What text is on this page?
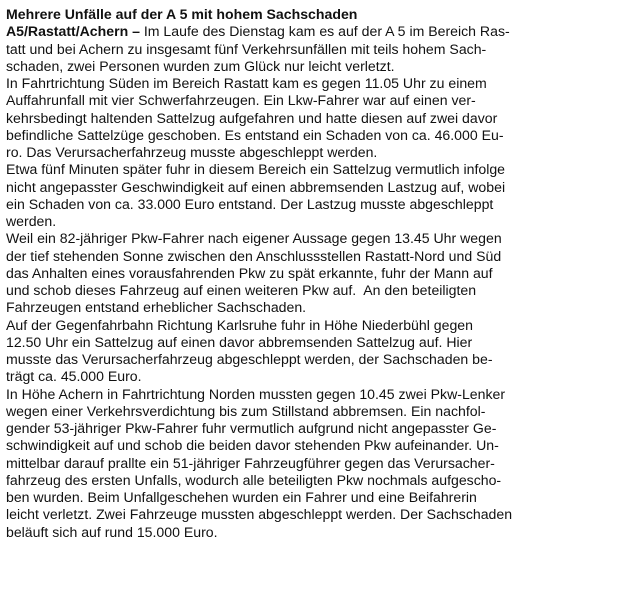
Mehrere Unfälle auf der A 5 mit hohem Sachschaden
A5/Rastatt/Achern – Im Laufe des Dienstag kam es auf der A 5 im Bereich Ras-
tatt und bei Achern zu insgesamt fünf Verkehrsunfällen mit teils hohem Sach-
schaden, zwei Personen wurden zum Glück nur leicht verletzt.
In Fahrtrichtung Süden im Bereich Rastatt kam es gegen 11.05 Uhr zu einem
Auffahrunfall mit vier Schwerfahrzeugen. Ein Lkw-Fahrer war auf einen ver-
kehrsbedingt haltenden Sattelzug aufgefahren und hatte diesen auf zwei davor
befindliche Sattelzüge geschoben. Es entstand ein Schaden von ca. 46.000 Eu-
ro. Das Verursacherfahrzeug musste abgeschleppt werden.
Etwa fünf Minuten später fuhr in diesem Bereich ein Sattelzug vermutlich infolge
nicht angepasster Geschwindigkeit auf einen abbremsenden Lastzug auf, wobei
ein Schaden von ca. 33.000 Euro entstand. Der Lastzug musste abgeschleppt
werden.
Weil ein 82-jähriger Pkw-Fahrer nach eigener Aussage gegen 13.45 Uhr wegen
der tief stehenden Sonne zwischen den Anschlussstellen Rastatt-Nord und Süd
das Anhalten eines vorausfahrenden Pkw zu spät erkannte, fuhr der Mann auf
und schob dieses Fahrzeug auf einen weiteren Pkw auf.  An den beteiligten
Fahrzeugen entstand erheblicher Sachschaden.
Auf der Gegenfahrbahn Richtung Karlsruhe fuhr in Höhe Niederbühl gegen
12.50 Uhr ein Sattelzug auf einen davor abbremsenden Sattelzug auf. Hier
musste das Verursacherfahrzeug abgeschleppt werden, der Sachschaden be-
trägt ca. 45.000 Euro.
In Höhe Achern in Fahrtrichtung Norden mussten gegen 10.45 zwei Pkw-Lenker
wegen einer Verkehrsverdichtung bis zum Stillstand abbremsen. Ein nachfol-
gender 53-jähriger Pkw-Fahrer fuhr vermutlich aufgrund nicht angepasster Ge-
schwindigkeit auf und schob die beiden davor stehenden Pkw aufeinander. Un-
mittelbar darauf prallte ein 51-jähriger Fahrzeugführer gegen das Verursacher-
fahrzeug des ersten Unfalls, wodurch alle beteiligten Pkw nochmals aufgescho-
ben wurden. Beim Unfallgeschehen wurden ein Fahrer und eine Beifahrerin
leicht verletzt. Zwei Fahrzeuge mussten abgeschleppt werden. Der Sachschaden
beläuft sich auf rund 15.000 Euro.
